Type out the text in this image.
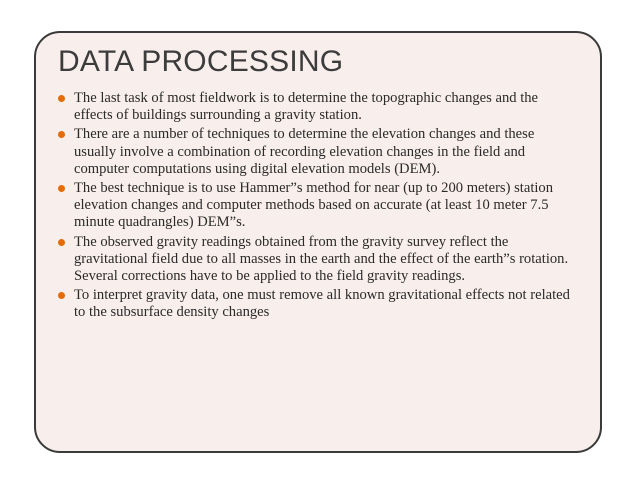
DATA PROCESSING
The last task of most fieldwork is to determine the topographic changes and the effects of buildings surrounding a gravity station.
There are a number of techniques to determine the elevation changes and these usually involve a combination of recording elevation changes in the field and computer computations using digital elevation models (DEM).
The best technique is to use Hammer”s method for near (up to 200 meters) station elevation changes and computer methods based on accurate (at least 10 meter 7.5 minute quadrangles) DEM”s.
The observed gravity readings obtained from the gravity survey reflect the gravitational field due to all masses in the earth and the effect of the earth”s rotation. Several corrections have to be applied to the field gravity readings.
To interpret gravity data, one must remove all known gravitational effects not related to the subsurface density changes
